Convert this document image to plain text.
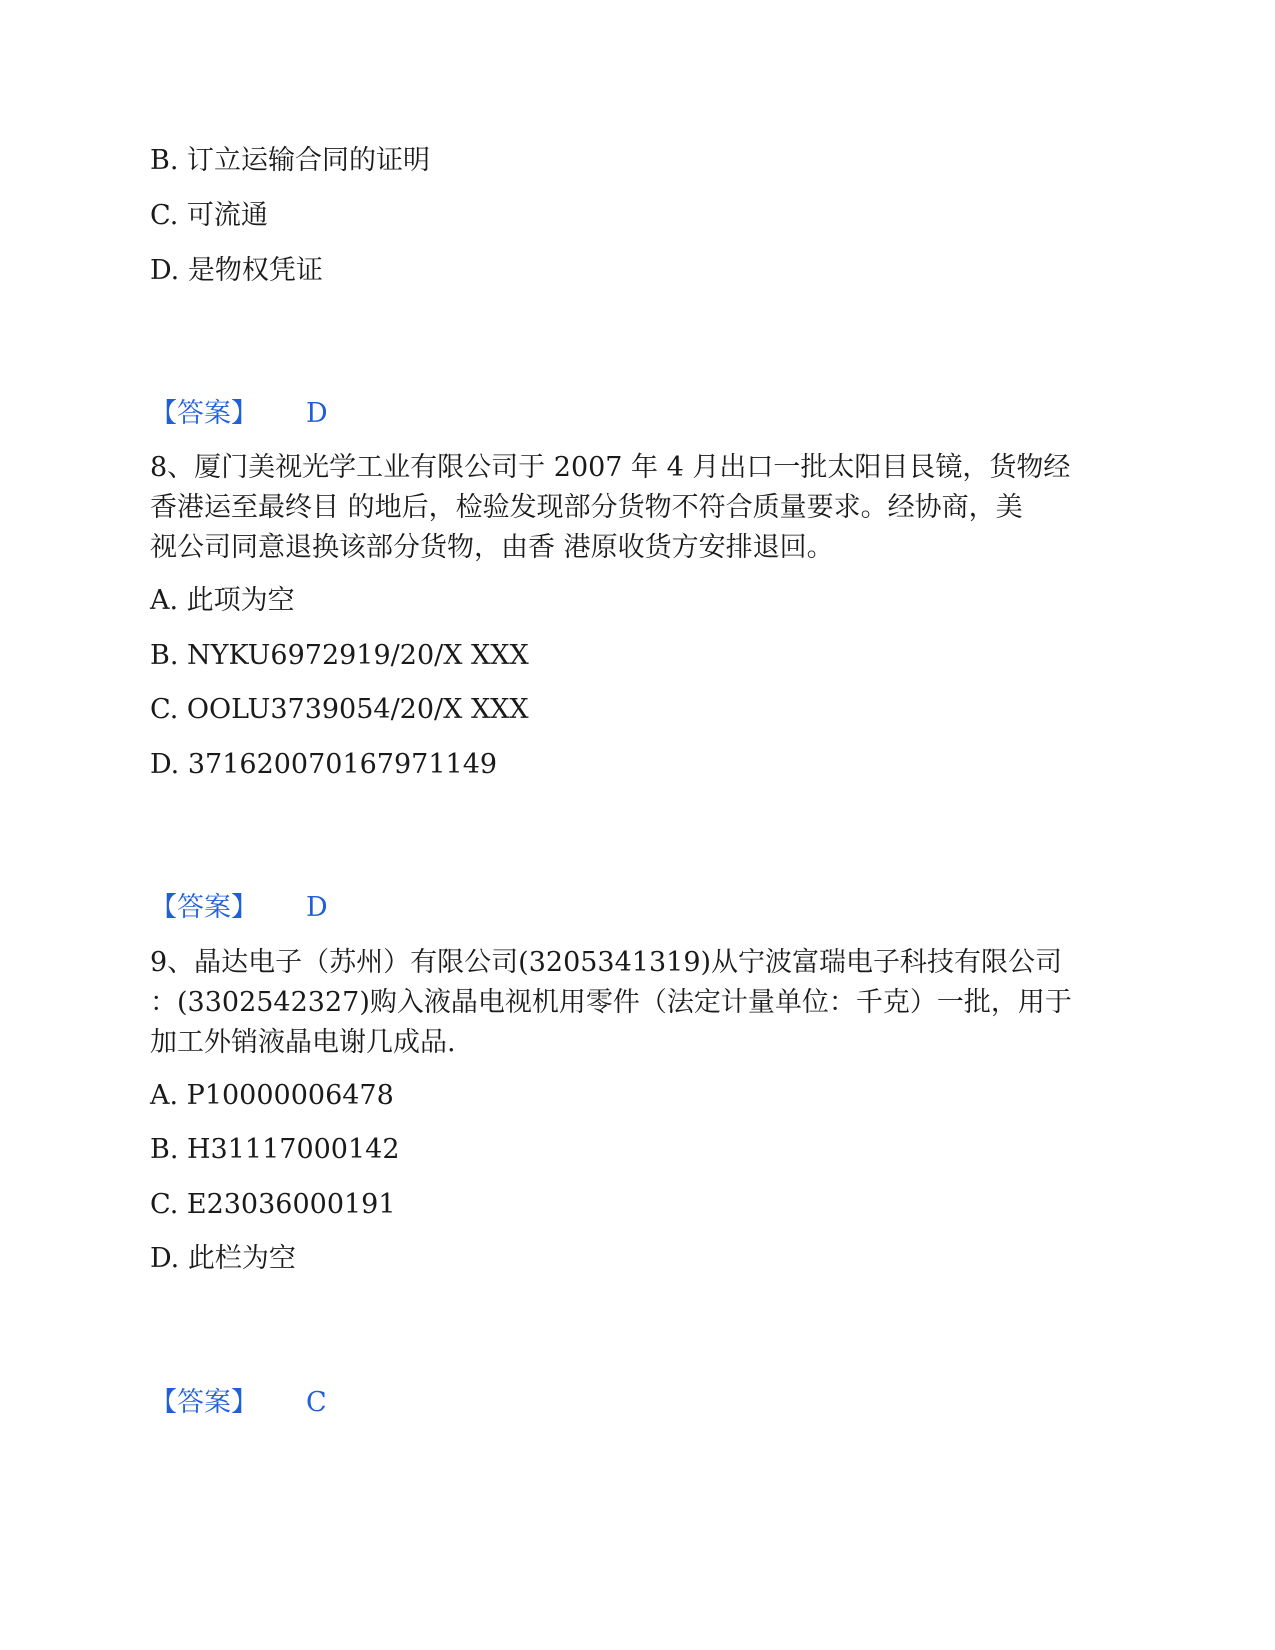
B. 订立运输合同的证明
C. 可流通
D. 是物权凭证
【答案】 D
8、厦门美视光学工业有限公司于 2007 年 4 月出口一批太阳目艮镜，货物经
香港运至最终目 的地后，检验发现部分货物不符合质量要求。经协商，美
视公司同意退换该部分货物，由香 港原收货方安排退回。
A. 此项为空
B. NYKU6972919/20/X XXX
C. OOLU3739054/20/X XXX
D. 371620070167971149
【答案】 D
9、晶达电子（苏州）有限公司(3205341319)从宁波富瑞电子科技有限公司
：(3302542327)购入液晶电视机用零件（法定计量单位：千克）一批，用于
加工外销液晶电谢几成品.
A. P10000006478
B. H31117000142
C. E23036000191
D. 此栏为空
【答案】 C
